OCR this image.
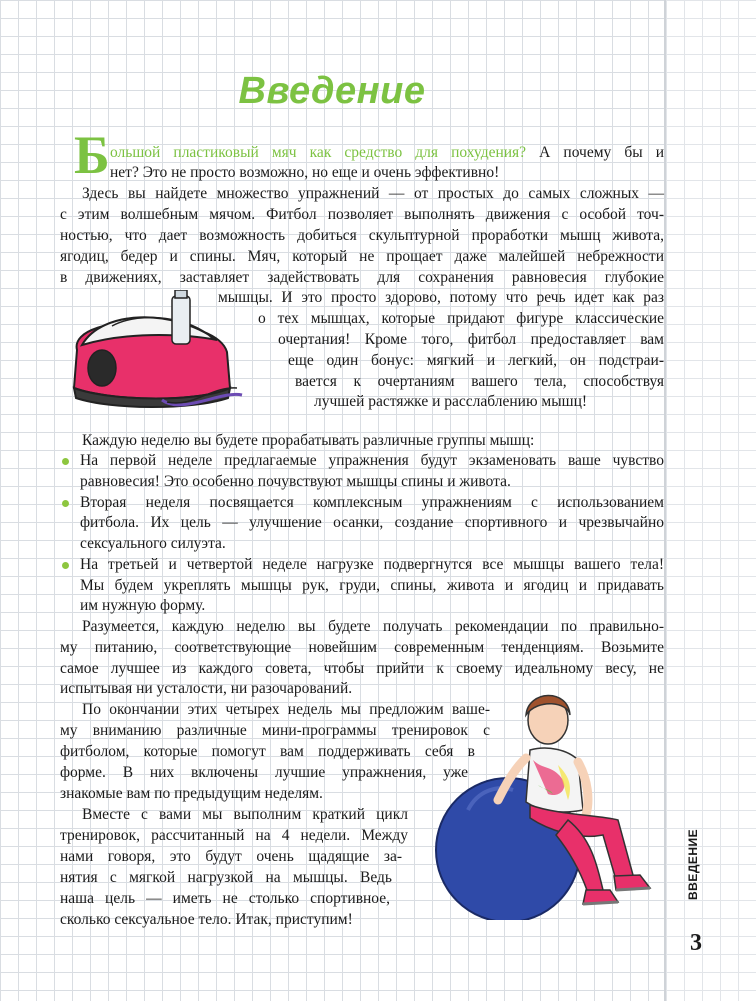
Введение
Б ольшой пластиковый мяч как средство для похудения? А почему бы и
нет? Это не просто возможно, но еще и очень эффективно!
Здесь вы найдете множество упражнений — от простых до самых сложных —
с этим волшебным мячом. Фитбол позволяет выполнять движения с особой точ-
ностью, что дает возможность добиться скульптурной проработки мышц живота,
ягодиц, бедер и спины. Мяч, который не прощает даже малейшей небрежности
в движениях, заставляет задействовать для сохранения равновесия глубокие
мышцы. И это просто здорово, потому что речь идет как раз
о тех мышцах, которые придают фигуре классические
очертания! Кроме того, фитбол предоставляет вам
еще один бонус: мягкий и легкий, он подстраи-
вается к очертаниям вашего тела, способствуя
лучшей растяжке и расслаблению мышц!
Каждую неделю вы будете прорабатывать различные группы мышц:
На первой неделе предлагаемые упражнения будут экзаменовать ваше чувство
равновесия! Это особенно почувствуют мышцы спины и живота.
Вторая неделя посвящается комплексным упражнениям с использованием
фитбола. Их цель — улучшение осанки, создание спортивного и чрезвычайно
сексуального силуэта.
На третьей и четвертой неделе нагрузке подвергнутся все мышцы вашего тела!
Мы будем укреплять мышцы рук, груди, спины, живота и ягодиц и придавать
им нужную форму.
Разумеется, каждую неделю вы будете получать рекомендации по правильно-
му питанию, соответствующие новейшим современным тенденциям. Возьмите
самое лучшее из каждого совета, чтобы прийти к своему идеальному весу, не
испытывая ни усталости, ни разочарований.
По окончании этих четырех недель мы предложим ваше-
му вниманию различные мини-программы тренировок с
фитболом, которые помогут вам поддерживать себя в
форме. В них включены лучшие упражнения, уже
знакомые вам по предыдущим неделям.
Вместе с вами мы выполним краткий цикл
тренировок, рассчитанный на 4 недели. Между
нами говоря, это будут очень щадящие за-
нятия с мягкой нагрузкой на мышцы. Ведь
наша цель — иметь не столько спортивное,
сколько сексуальное тело. Итак, приступим!
ВВЕДЕНИЕ
3
